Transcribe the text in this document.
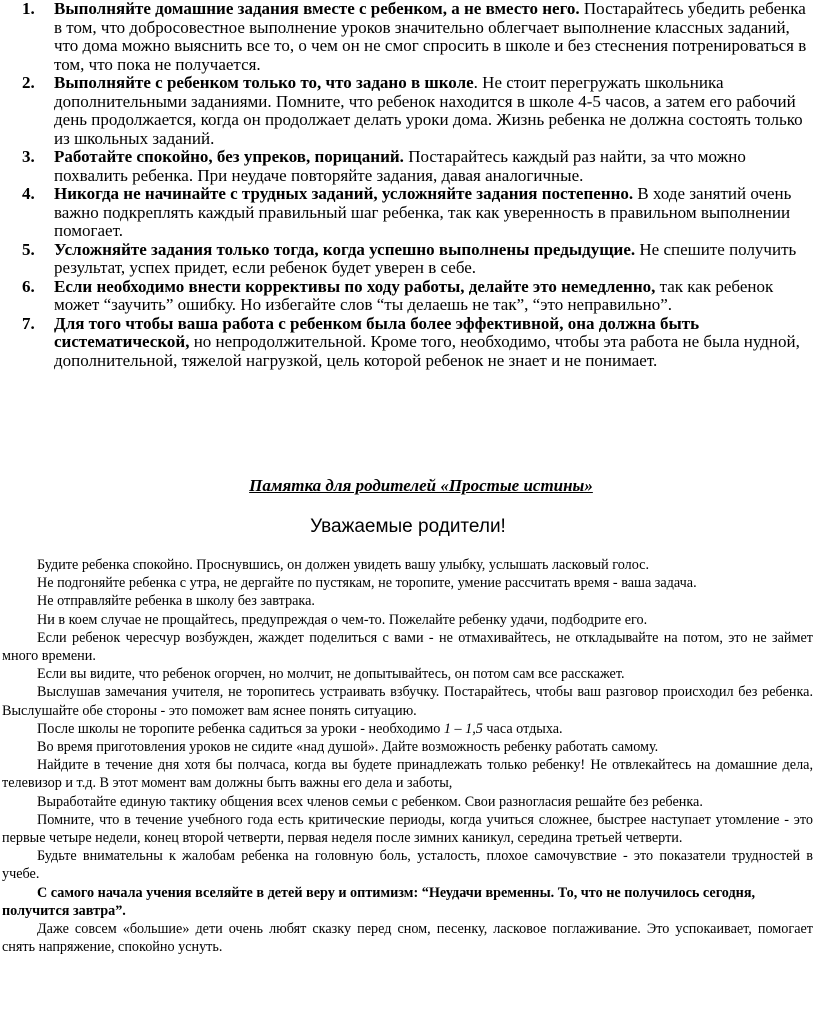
1.	Выполняйте домашние задания вместе с ребенком, а не вместо него. Постарайтесь убедить ребенка в том, что добросовестное выполнение уроков значительно облегчает выполнение классных заданий, что дома можно выяснить все то, о чем он не смог спросить в школе и без стеснения потренироваться в том, что пока не получается.
2.	Выполняйте с ребенком только то, что задано в школе. Не стоит перегружать школьника дополнительными заданиями. Помните, что ребенок находится в школе 4-5 часов, а затем его рабочий день продолжается, когда он продолжает делать уроки дома. Жизнь ребенка не должна состоять только из школьных заданий.
3.	Работайте спокойно, без упреков, порицаний. Постарайтесь каждый раз найти, за что можно похвалить ребенка. При неудаче повторяйте задания, давая аналогичные.
4.	Никогда не начинайте с трудных заданий, усложняйте задания постепенно. В ходе занятий очень важно подкреплять каждый правильный шаг ребенка, так как уверенность в правильном выполнении помогает.
5.	Усложняйте задания только тогда, когда успешно выполнены предыдущие. Не спешите получить результат, успех придет, если ребенок будет уверен в себе.
6.	Если необходимо внести коррективы по ходу работы, делайте это немедленно, так как ребенок может “заучить” ошибку. Но избегайте слов “ты делаешь не так”, “это неправильно”.
7.	Для того чтобы ваша работа с ребенком была более эффективной, она должна быть систематической, но непродолжительной. Кроме того, необходимо, чтобы эта работа не была нудной, дополнительной, тяжелой нагрузкой, цель которой ребенок не знает и не понимает.
Памятка для родителей «Простые истины»
Уважаемые родители!

Будите ребенка спокойно. Проснувшись, он должен увидеть вашу улыбку, услышать ласковый голос.

Не подгоняйте ребенка с утра, не дергайте по пустякам, не торопите, умение рассчитать время - ваша задача.

Не отправляйте ребенка в школу без завтрака.

Ни в коем случае не прощайтесь, предупреждая о чем-то. Пожелайте ребенку удачи, подбодрите его.

Если ребенок чересчур возбужден, жаждет поделиться с вами - не отмахивайтесь, не откладывайте на потом, это не займет много времени.

Если вы видите, что ребенок огорчен, но молчит, не допытывайтесь, он потом сам все расскажет.

Выслушав замечания учителя, не торопитесь устраивать взбучку. Постарайтесь, чтобы ваш разговор происходил без ребенка. Выслушайте обе стороны - это поможет вам яснее понять ситуацию.

После школы не торопите ребенка садиться за уроки - необходимо 1 – 1,5 часа отдыха.

Во время приготовления уроков не сидите «над душой». Дайте возможность ребенку работать самому.

Найдите в течение дня хотя бы полчаса, когда вы будете принадлежать только ребенку! Не отвлекайтесь на домашние дела, телевизор и т.д. В этот момент вам должны быть важны его дела и заботы,

Выработайте единую тактику общения всех членов семьи с ребенком. Свои разногласия решайте без ребенка.

Помните, что в течение учебного года есть критические периоды, когда учиться сложнее, быстрее наступает утомление - это первые четыре недели, конец второй четверти, первая неделя после зимних каникул, середина третьей четверти.

Будьте внимательны к жалобам ребенка на головную боль, усталость, плохое самочувствие - это показатели трудностей в учебе.

С самого начала учения вселяйте в детей веру и оптимизм: “Неудачи временны. То, что не получилось сегодня, получится завтра”.

Даже совсем «большие» дети очень любят сказку перед сном, песенку, ласковое поглаживание. Это успокаивает, помогает снять напряжение, спокойно уснуть.
